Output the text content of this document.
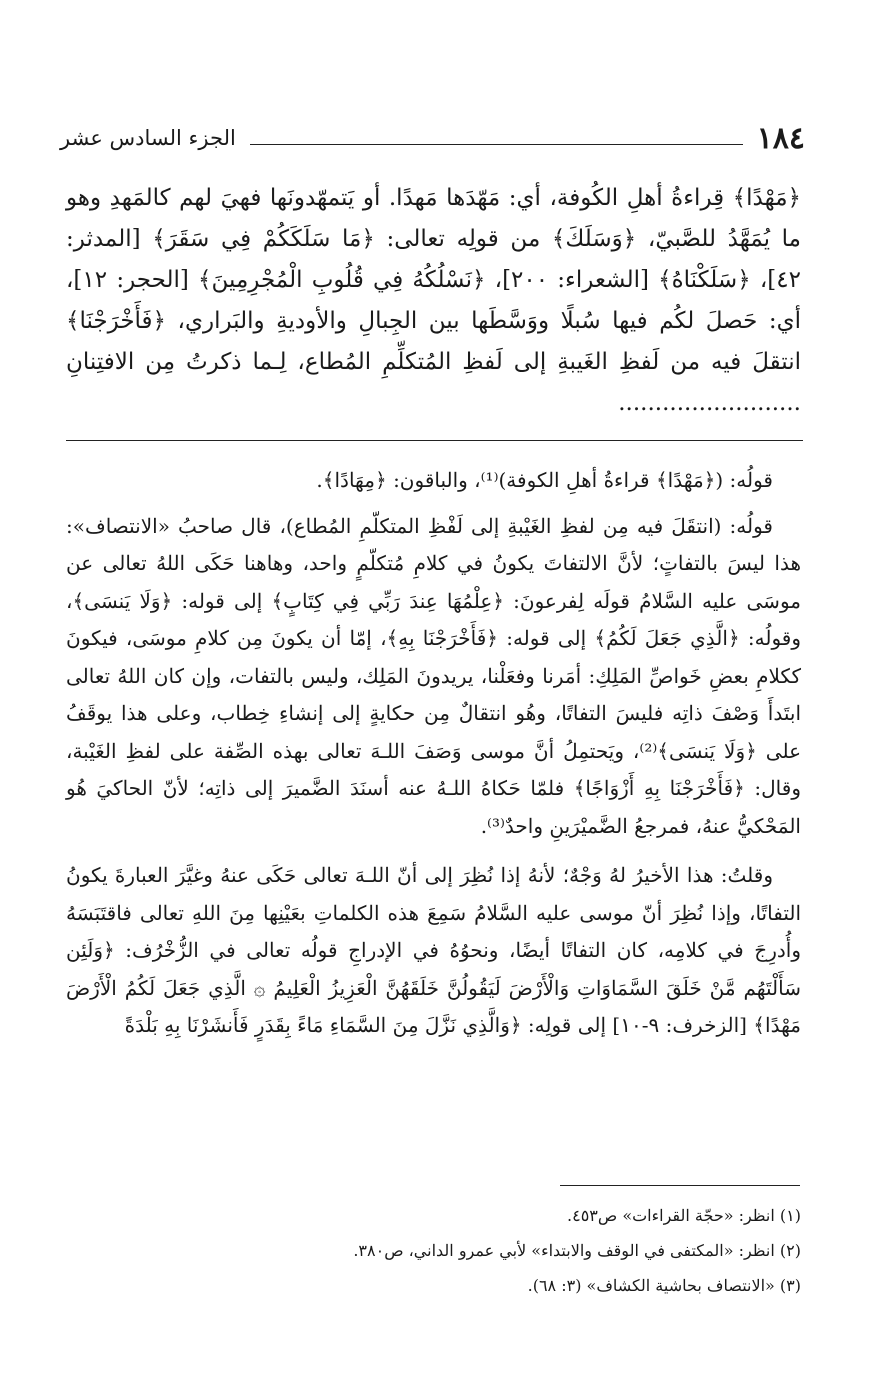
١٨٤
الجزء السادس عشر
﴿مَهْدًا﴾ قِراءةُ أهلِ الكُوفة، أي: مَهّدَها مَهدًا. أو يَتمهّدونَها فهيَ لهم كالمَهدِ وهو ما يُمَهَّدُ للصَّبيّ، ﴿وَسَلَكَ﴾ من قولِه تعالى: ﴿مَا سَلَكَكُمْ فِي سَقَرَ﴾ [المدثر: ٤٢]، ﴿سَلَكْنَاهُ﴾ [الشعراء: ٢٠٠]، ﴿نَسْلُكُهُ فِي قُلُوبِ الْمُجْرِمِينَ﴾ [الحجر: ١٢]، أي: حَصلَ لكُم فيها سُبلًا ووَسَّطَها بين الجِبالِ والأوديةِ والبَراري، ﴿فَأَخْرَجْنَا﴾ انتقلَ فيه من لَفظِ الغَيبةِ إلى لَفظِ المُتكلِّمِ المُطاع، لِـما ذكرتُ مِن الافتِنانِ .........................

قولُه: (﴿مَهْدًا﴾ قراءةُ أهلِ الكوفة)⁽¹⁾، والباقون: ﴿مِهَادًا﴾.

قولُه: (انتقَلَ فيه مِن لفظِ الغَيْبةِ إلى لَفْظِ المتكلّمِ المُطاع)، قال صاحبُ «الانتصاف»: هذا ليسَ بالتفاتٍ؛ لأنَّ الالتفاتَ يكونُ في كلامِ مُتكلّمٍ واحد، وهاهنا حَكَى اللهُ تعالى عن موسَى عليه السَّلامُ قولَه لِفرعونَ: ﴿عِلْمُهَا عِندَ رَبِّي فِي كِتَابٍ﴾ إلى قوله: ﴿وَلَا يَنسَى﴾، وقولُه: ﴿الَّذِي جَعَلَ لَكُمُ﴾ إلى قوله: ﴿فَأَخْرَجْنَا بِهِ﴾، إمّا أن يكونَ مِن كلامِ موسَى، فيكونَ ككلامِ بعضِ خَواصِّ المَلِكِ: أمَرنا وفعَلْنا، يريدونَ المَلِك، وليس بالتفات، وإن كان اللهُ تعالى ابتَدأَ وَصْفَ ذاتِه فليسَ التفاتًا، وهُو انتقالٌ مِن حكايةٍ إلى إنشاءِ خِطاب، وعلى هذا يوقَفُ على ﴿وَلَا يَنسَى﴾⁽²⁾، ويَحتمِلُ أنَّ موسى وَصَفَ اللـهَ تعالى بهذه الصِّفة على لفظِ الغَيْبة، وقال: ﴿فَأَخْرَجْنَا بِهِ أَزْوَاجًا﴾ فلمّا حَكاهُ اللـهُ عنه أسنَدَ الضَّميرَ إلى ذاتِه؛ لأنّ الحاكيَ هُو المَحْكيُّ عنهُ، فمرجعُ الضَّميْرَينِ واحدٌ⁽³⁾.

وقلتُ: هذا الأخيرُ لهُ وَجْهٌ؛ لأنهُ إذا نُظِرَ إلى أنّ اللـهَ تعالى حَكَى عنهُ وغيَّرَ العبارةَ يكونُ التفاتًا، وإذا نُظِرَ أنّ موسى عليه السَّلامُ سَمِعَ هذه الكلماتِ بعَيْنِها مِنَ اللهِ تعالى فاقتَبَسَهُ وأُدرِجَ في كلامِه، كان التفاتًا أيضًا، ونحوُهُ في الإدراجِ قولُه تعالى في الزُّخْرُف: ﴿وَلَئِن سَأَلْتَهُم مَّنْ خَلَقَ السَّمَاوَاتِ وَالْأَرْضَ لَيَقُولُنَّ خَلَقَهُنَّ الْعَزِيزُ الْعَلِيمُ ۞ الَّذِي جَعَلَ لَكُمُ الْأَرْضَ مَهْدًا﴾ [الزخرف: ٩-١٠] إلى قولِه: ﴿وَالَّذِي نَزَّلَ مِنَ السَّمَاءِ مَاءً بِقَدَرٍ فَأَنشَرْنَا بِهِ بَلْدَةً

(١) انظر: «حجّة القراءات» ص٤٥٣.
(٢) انظر: «المكتفى في الوقف والابتداء» لأبي عمرو الداني، ص٣٨٠.
(٣) «الانتصاف بحاشية الكشاف» (٣: ٦٨).
